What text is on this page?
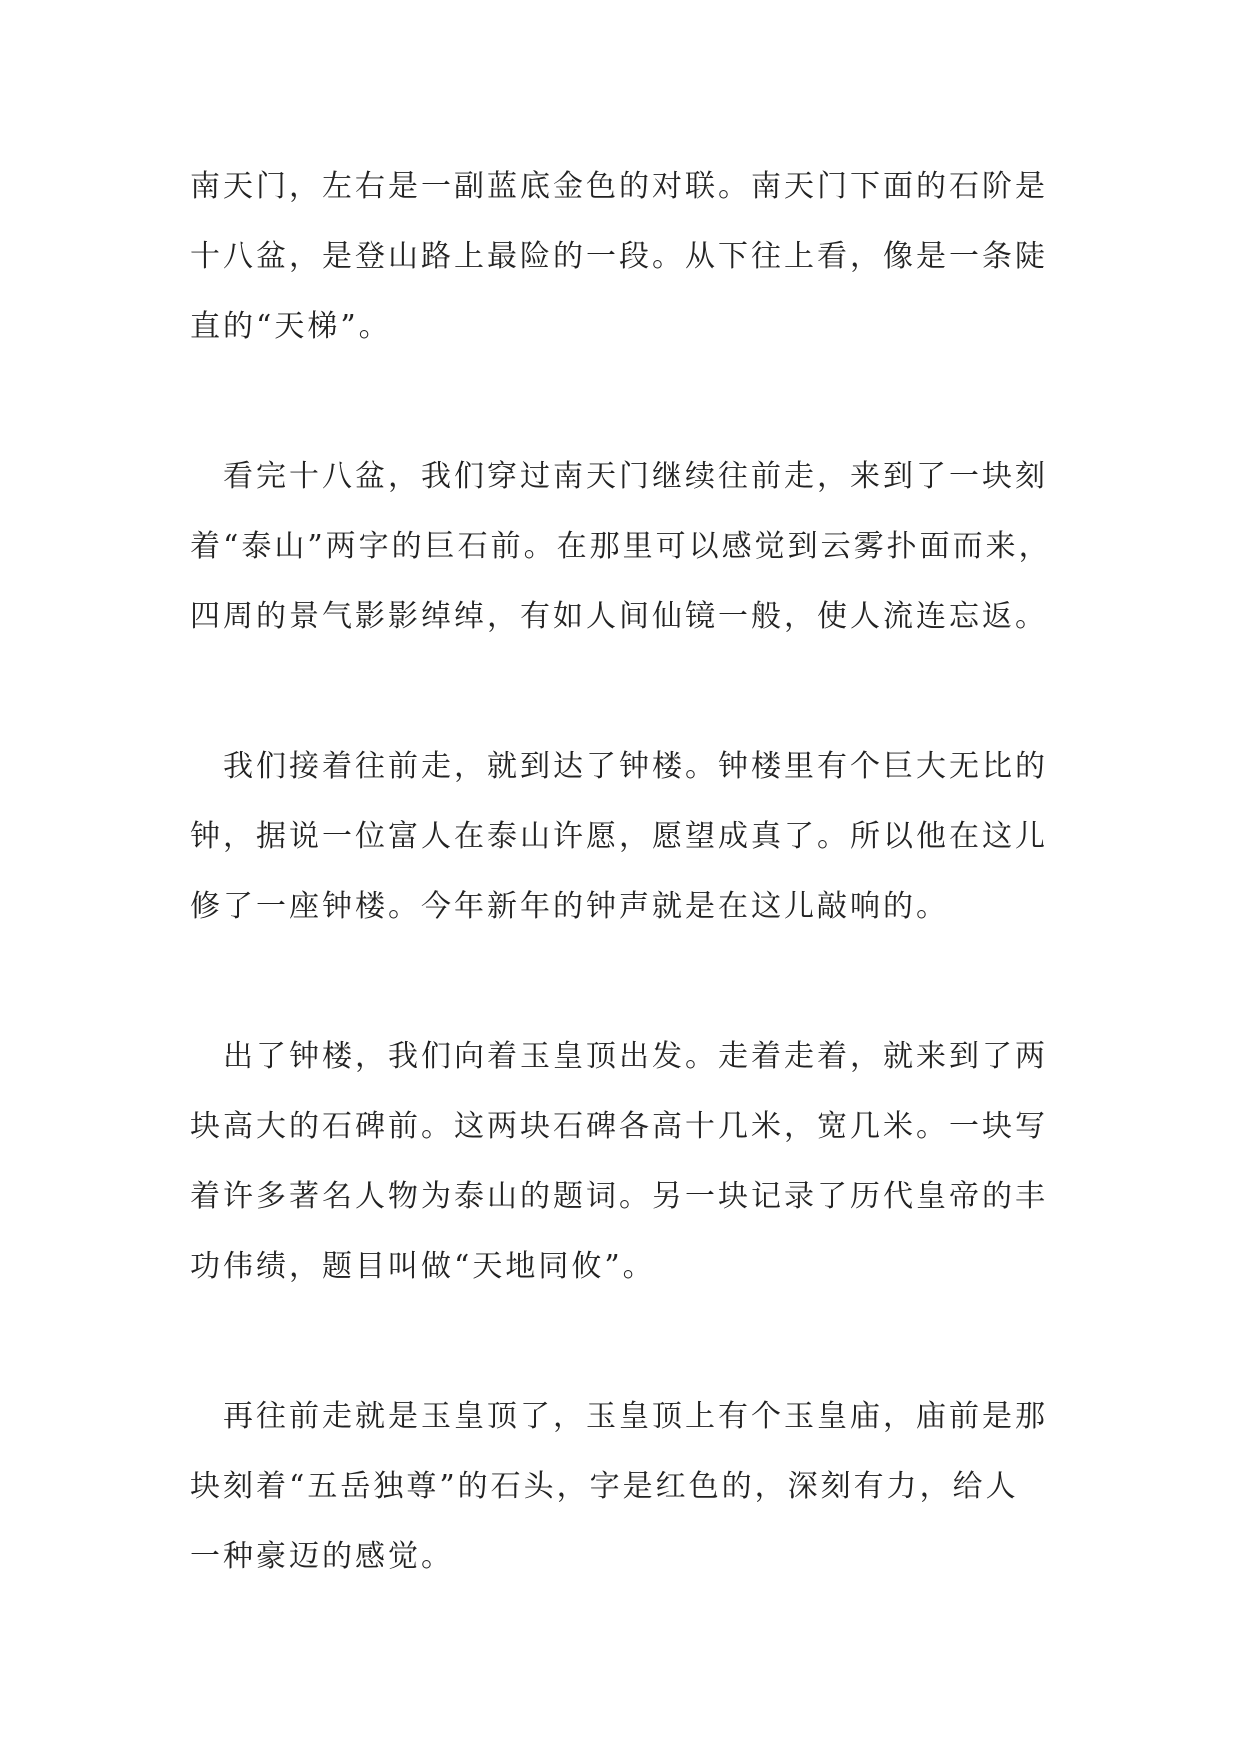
南天门，左右是一副蓝底金色的对联。南天门下面的石阶是
十八盆，是登山路上最险的一段。从下往上看，像是一条陡
直的“天梯”。

　看完十八盆，我们穿过南天门继续往前走，来到了一块刻
着“泰山”两字的巨石前。在那里可以感觉到云雾扑面而来，
四周的景气影影绰绰，有如人间仙镜一般，使人流连忘返。

　我们接着往前走，就到达了钟楼。钟楼里有个巨大无比的
钟，据说一位富人在泰山许愿，愿望成真了。所以他在这儿
修了一座钟楼。今年新年的钟声就是在这儿敲响的。

　出了钟楼，我们向着玉皇顶出发。走着走着，就来到了两
块高大的石碑前。这两块石碑各高十几米，宽几米。一块写
着许多著名人物为泰山的题词。另一块记录了历代皇帝的丰
功伟绩，题目叫做“天地同攸”。

　再往前走就是玉皇顶了，玉皇顶上有个玉皇庙，庙前是那
块刻着“五岳独尊”的石头，字是红色的，深刻有力，给人
一种豪迈的感觉。
